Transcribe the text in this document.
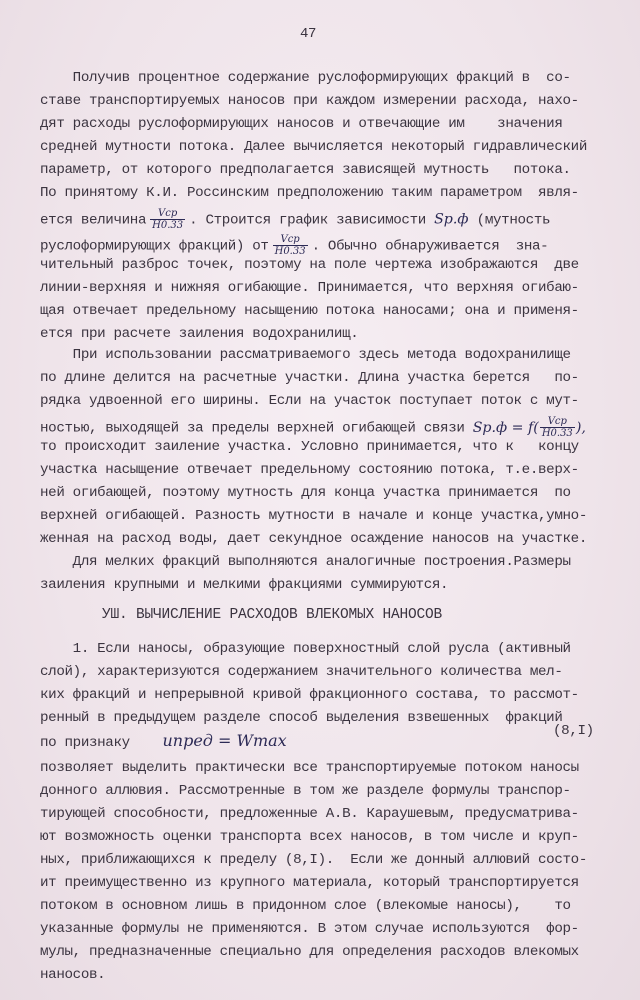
47
Получив процентное содержание руслоформирующих фракций в  со-
ставе транспортируемых наносов при каждом измерении расхода, нахо-
дят расходы руслоформирующих наносов и отвечающие им    значения
средней мутности потока. Далее вычисляется некоторый гидравлический
параметр, от которого предполагается зависящей мутность   потока.
По принятому К.И. Россинским предположению таким параметром  явля-
ется величина $\frac{\text{Vср}}{H0.33}$ . Строится график зависимости Sр.ф (мутность
руслоформирующих фракций) от $\frac{\text{Vср}}{H0.33}$ . Обычно обнаруживается  зна-
чительный разброс точек, поэтому на поле чертежа изображаются  две
линии-верхняя и нижняя огибающие. Принимается, что верхняя огибаю-
щая отвечает предельному насыщению потока наносами; она и применя-
ется при расчете заиления водохранилищ.
При использовании рассматриваемого здесь метода водохранилище
по длине делится на расчетные участки. Длина участка берется   по-
рядка удвоенной его ширины. Если на участок поступает поток с мут-
ностью, выходящей за пределы верхней огибающей связи $Sр.ф = f( \frac{\text{Vср}}{H0.33}$ ),
то происходит заиление участка. Условно принимается, что к   концу
участка насыщение отвечает предельному состоянию потока, т.е.верх-
ней огибающей, поэтому мутность для конца участка принимается  по
верхней огибающей. Разность мутности в начале и конце участка,умно-
женная на расход воды, дает секундное осаждение наносов на участке.
Для мелких фракций выполняются аналогичные построения.Размеры
заиления крупными и мелкими фракциями суммируются.
УШ. ВЫЧИСЛЕНИЕ РАСХОДОВ ВЛЕКОМЫХ НАНОСОВ
1. Если наносы, образующие поверхностный слой русла (активный
слой), характеризуются содержанием значительного количества мел-
ких фракций и непрерывной кривой фракционного состава, то рассмот-
ренный в предыдущем разделе способ выделения взвешенных  фракций
по признаку uпред = Wmax	(8,I)
позволяет выделить практически все транспортируемые потоком наносы
донного аллювия. Рассмотренные в том же разделе формулы транспор-
тирующей способности, предложенные А.В. Караушевым, предусматрива-
ют возможность оценки транспорта всех наносов, в том числе и круп-
ных, приближающихся к пределу (8,I).  Если же донный аллювий состо-
ит преимущественно из крупного материала, который транспортируется
потоком в основном лишь в придонном слое (влекомые наносы),    то
указанные формулы не применяются. В этом случае используются  фор-
мулы, предназначенные специально для определения расходов влекомых
наносов.
